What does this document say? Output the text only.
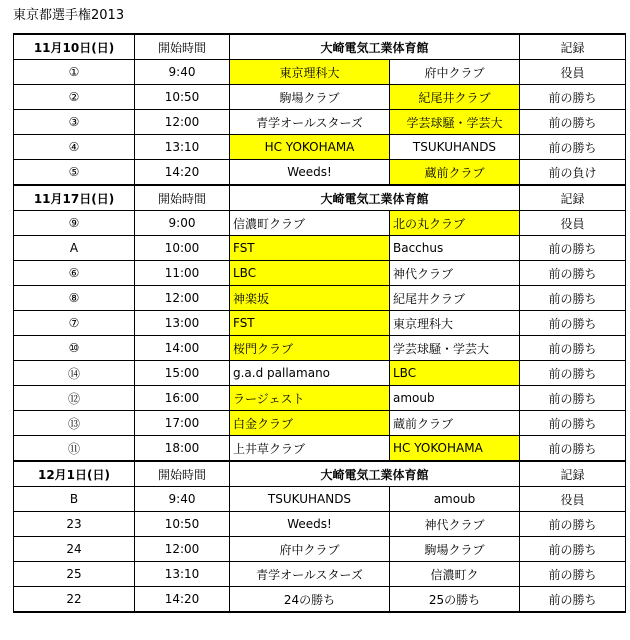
東京都選手権2013
11月10日(日)	開始時間	大崎電気工業体育館		記録
①	9:40	東京理科大	府中クラブ	役員
②	10:50	駒場クラブ	紀尾井クラブ	前の勝ち
③	12:00	青学オールスターズ	学芸球騒・学芸大	前の勝ち
④	13:10	HC YOKOHAMA	TSUKUHANDS	前の勝ち
⑤	14:20	Weeds!	蔵前クラブ	前の負け
11月17日(日)	開始時間	大崎電気工業体育館		記録
⑨	9:00	信濃町クラブ	北の丸クラブ	役員
A	10:00	FST	Bacchus	前の勝ち
⑥	11:00	LBC	神代クラブ	前の勝ち
⑧	12:00	神楽坂	紀尾井クラブ	前の勝ち
⑦	13:00	FST	東京理科大	前の勝ち
⑩	14:00	桜門クラブ	学芸球騒・学芸大	前の勝ち
⑭	15:00	g.a.d pallamano	LBC	前の勝ち
⑫	16:00	ラージェスト	amoub	前の勝ち
⑬	17:00	白金クラブ	蔵前クラブ	前の勝ち
⑪	18:00	上井草クラブ	HC YOKOHAMA	前の勝ち
12月1日(日)	開始時間	大崎電気工業体育館		記録
B	9:40	TSUKUHANDS	amoub	役員
23	10:50	Weeds!	神代クラブ	前の勝ち
24	12:00	府中クラブ	駒場クラブ	前の勝ち
25	13:10	青学オールスターズ	信濃町ク	前の勝ち
22	14:20	24の勝ち	25の勝ち	前の勝ち
